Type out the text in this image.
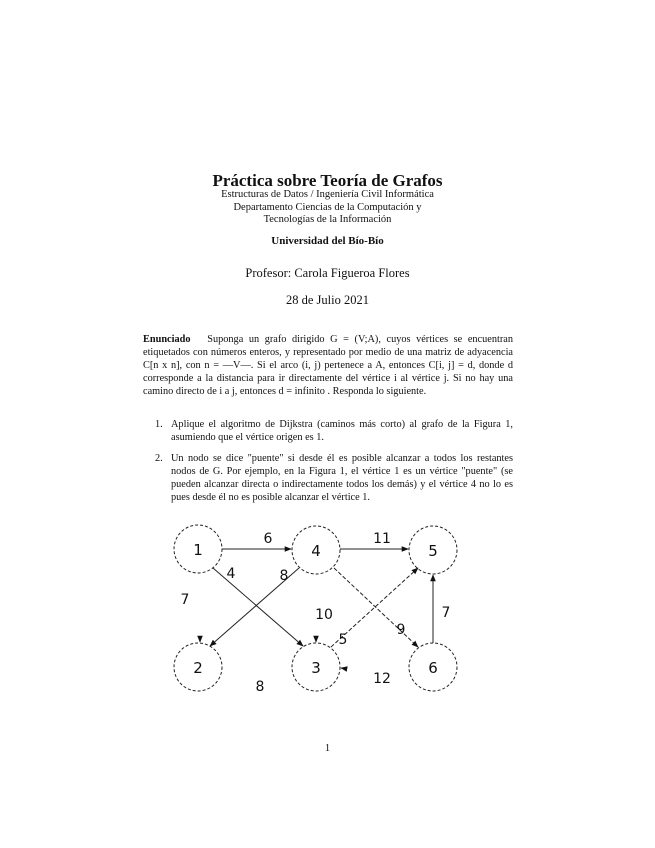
Práctica sobre Teoría de Grafos
Estructuras de Datos / Ingeniería Civil Informática
Departamento Ciencias de la Computación y
Tecnologías de la Información
Universidad del Bío-Bío
Profesor: Carola Figueroa Flores
28 de Julio 2021
Enunciado Suponga un grafo dirigido G = (V;A), cuyos vértices se encuentran etiquetados con números enteros, y representado por medio de una matriz de adyacencia C[n x n], con n = —V—. Si el arco (i, j) pertenece a A, entonces C[i, j] = d, donde d corresponde a la distancia para ir directamente del vértice i al vértice j. Si no hay una camino directo de i a j, entonces d = infinito . Responda lo siguiente.
1. Aplique el algoritmo de Dijkstra (caminos más corto) al grafo de la Figura 1, asumiendo que el vértice origen es 1.
2. Un nodo se dice "puente" si desde él es posible alcanzar a todos los restantes nodos de G. Por ejemplo, en la Figura 1, el vértice 1 es un vértice "puente" (se pueden alcanzar directa o indirectamente todos los demás) y el vértice 4 no lo es pues desde él no es posible alcanzar el vértice 1.
1
2	3
4	5
6
6	11
4	8
7
10
5
9
7
12
8
1
